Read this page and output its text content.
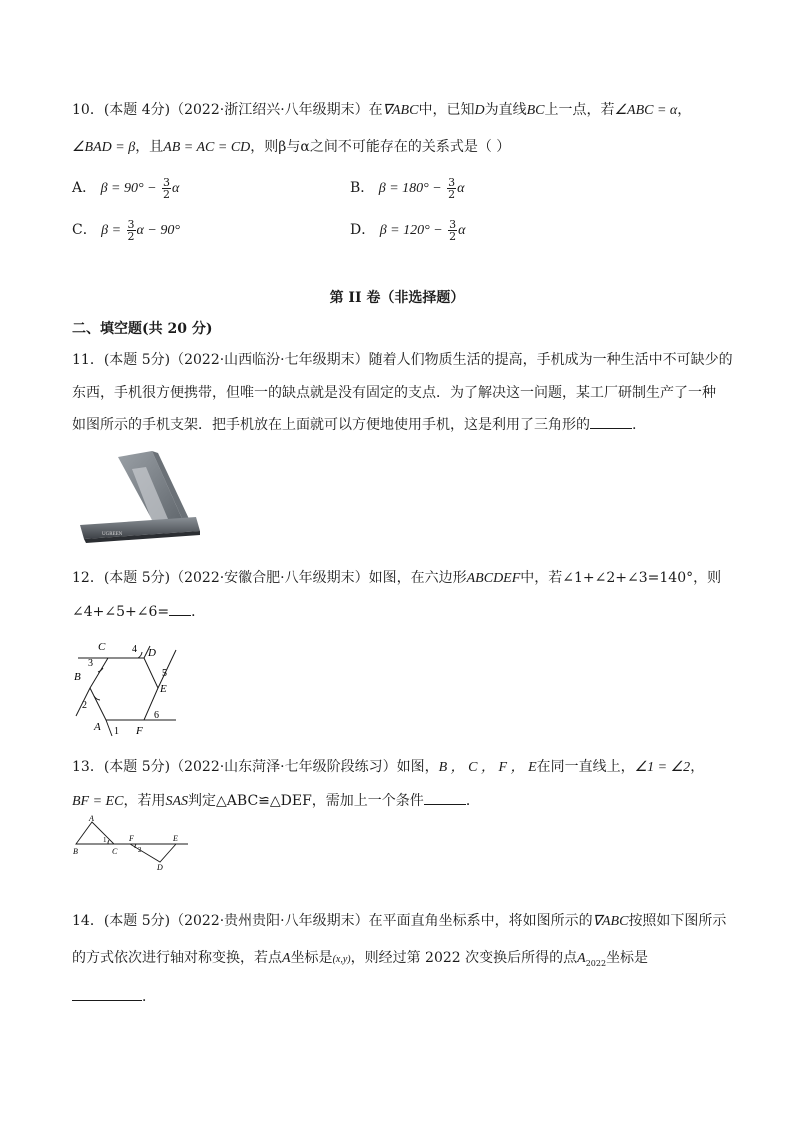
10．(本题 4分)（2022·浙江绍兴·八年级期末）在∇ABC中，已知D为直线BC上一点，若∠ABC = α，
∠BAD = β，且AB = AC = CD，则β与α之间不可能存在的关系式是（ ）
A． $\beta = 90^\circ - \frac{3}{2}$ α	B． $\beta = 180^\circ - \frac{3}{2}$ α
C． $\beta = \frac{3}{2}$ α − 90°	D． $\beta = 120^\circ - \frac{3}{2}$ α
第 II 卷（非选择题）
二、填空题(共 20 分)
11．(本题 5分)（2022·山西临汾·七年级期末）随着人们物质生活的提高，手机成为一种生活中不可缺少的
东西，手机很方便携带，但唯一的缺点就是没有固定的支点．为了解决这一问题，某工厂研制生产了一种
如图所示的手机支架．把手机放在上面就可以方便地使用手机，这是利用了三角形的	.
UGREEN
12．(本题 5分)（2022·安徽合肥·八年级期末）如图，在六边形ABCDEF中，若∠1+∠2+∠3=140°，则
∠4+∠5+∠6= ．
B
C	D
E
F
A 1
2
3
4
5
6
13．(本题 5分)（2022·山东菏泽·七年级阶段练习）如图，B ， C ， F ， E在同一直线上，∠1 = ∠2，
BF = EC，若用SAS判定△ABC≌△DEF，需加上一个条件	．
A
B	C
F	E
D
1
2
14．(本题 5分)（2022·贵州贵阳·八年级期末）在平面直角坐标系中，将如图所示的∇ABC按照如下图所示
的方式依次进行轴对称变换，若点A坐标是(x,y)，则经过第 2022 次变换后所得的点$A_{2022}$坐标是
．
